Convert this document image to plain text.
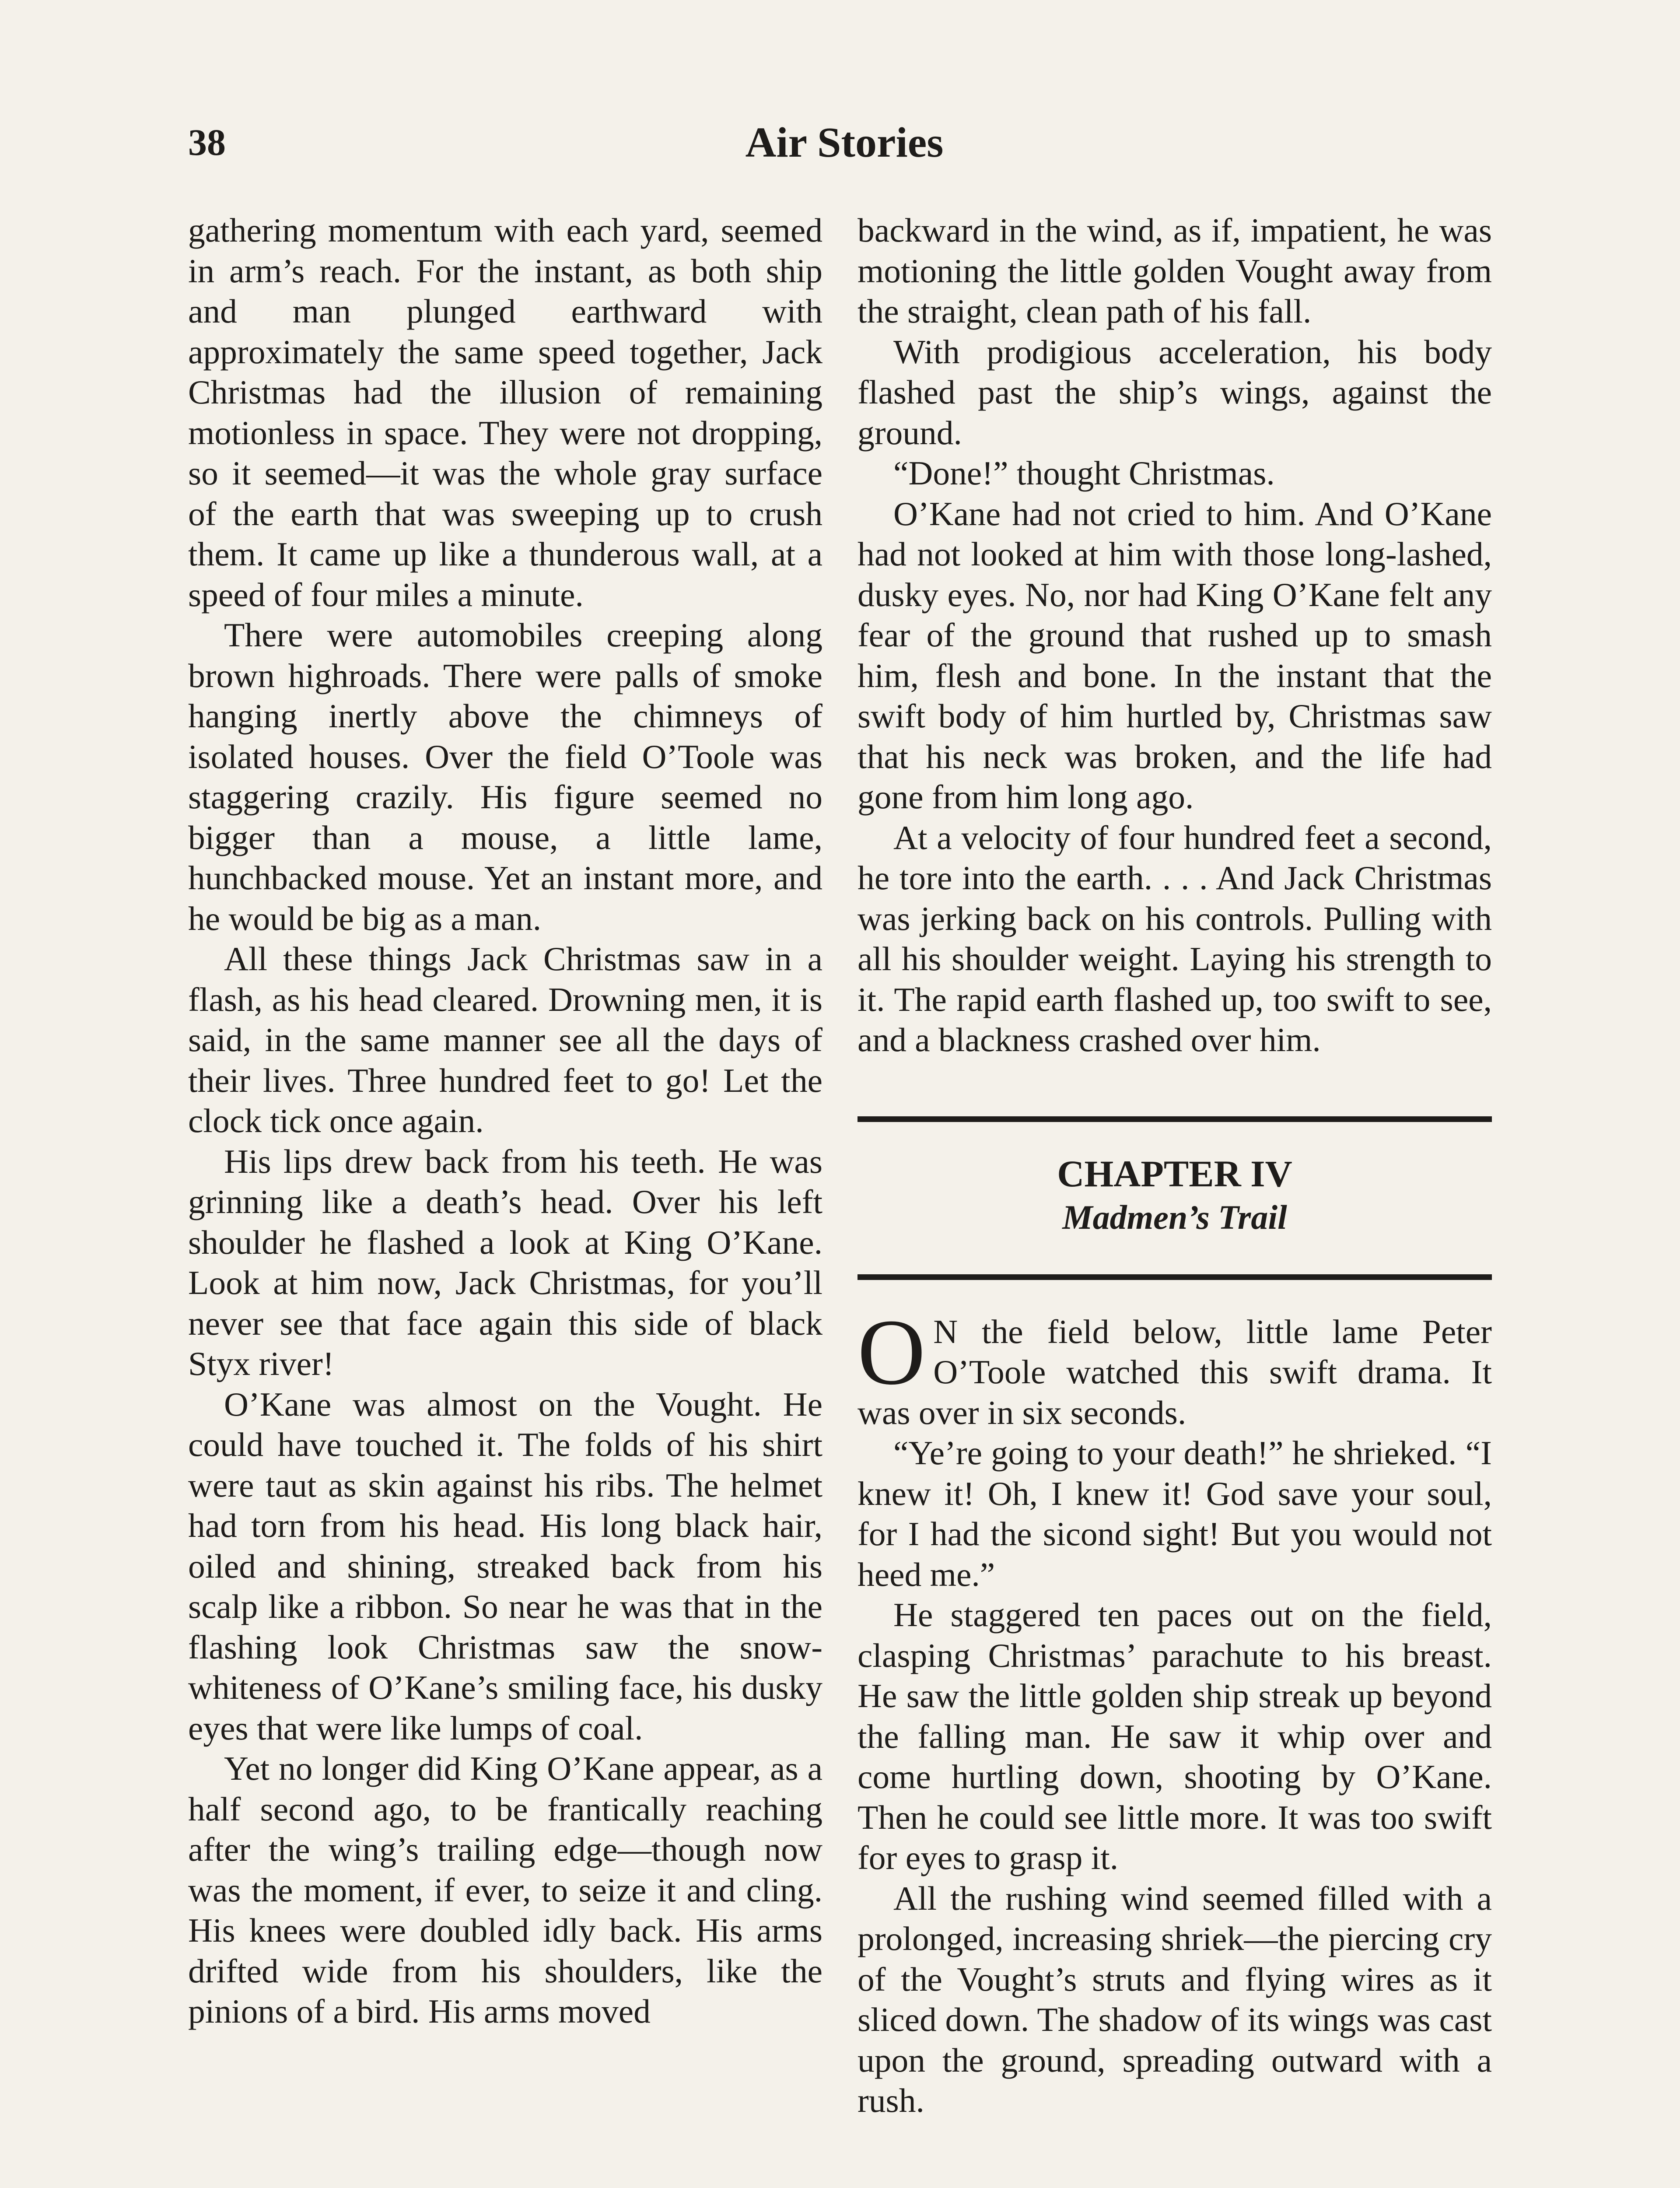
38	Air Stories

gathering momentum with each yard, seemed in arm’s reach. For the instant, as both ship and man plunged earthward with approximately the same speed together, Jack Christmas had the illusion of remaining motionless in space. They were not dropping, so it seemed—it was the whole gray surface of the earth that was sweeping up to crush them. It came up like a thunderous wall, at a speed of four miles a minute.

There were automobiles creeping along brown highroads. There were palls of smoke hanging inertly above the chimneys of isolated houses. Over the field O’Toole was staggering crazily. His figure seemed no bigger than a mouse, a little lame, hunchbacked mouse. Yet an instant more, and he would be big as a man.

All these things Jack Christmas saw in a flash, as his head cleared. Drowning men, it is said, in the same manner see all the days of their lives. Three hundred feet to go! Let the clock tick once again.

His lips drew back from his teeth. He was grinning like a death’s head. Over his left shoulder he flashed a look at King O’Kane. Look at him now, Jack Christmas, for you’ll never see that face again this side of black Styx river!

O’Kane was almost on the Vought. He could have touched it. The folds of his shirt were taut as skin against his ribs. The helmet had torn from his head. His long black hair, oiled and shining, streaked back from his scalp like a ribbon. So near he was that in the flashing look Christmas saw the snow-whiteness of O’Kane’s smiling face, his dusky eyes that were like lumps of coal.

Yet no longer did King O’Kane appear, as a half second ago, to be frantically reaching after the wing’s trailing edge—though now was the moment, if ever, to seize it and cling. His knees were doubled idly back. His arms drifted wide from his shoulders, like the pinions of a bird. His arms moved

backward in the wind, as if, impatient, he was motioning the little golden Vought away from the straight, clean path of his fall.

With prodigious acceleration, his body flashed past the ship’s wings, against the ground.

“Done!” thought Christmas.

O’Kane had not cried to him. And O’Kane had not looked at him with those long-lashed, dusky eyes. No, nor had King O’Kane felt any fear of the ground that rushed up to smash him, flesh and bone. In the instant that the swift body of him hurtled by, Christmas saw that his neck was broken, and the life had gone from him long ago.

At a velocity of four hundred feet a second, he tore into the earth. . . . And Jack Christmas was jerking back on his controls. Pulling with all his shoulder weight. Laying his strength to it. The rapid earth flashed up, too swift to see, and a blackness crashed over him.

CHAPTER IV
Madmen’s Trail

O N the field below, little lame Peter O’Toole watched this swift drama. It was over in six seconds.

“Ye’re going to your death!” he shrieked. “I knew it! Oh, I knew it! God save your soul, for I had the sicond sight! But you would not heed me.”

He staggered ten paces out on the field, clasping Christmas’ parachute to his breast. He saw the little golden ship streak up beyond the falling man. He saw it whip over and come hurtling down, shooting by O’Kane. Then he could see little more. It was too swift for eyes to grasp it.

All the rushing wind seemed filled with a prolonged, increasing shriek—the piercing cry of the Vought’s struts and flying wires as it sliced down. The shadow of its wings was cast upon the ground, spreading outward with a rush.
